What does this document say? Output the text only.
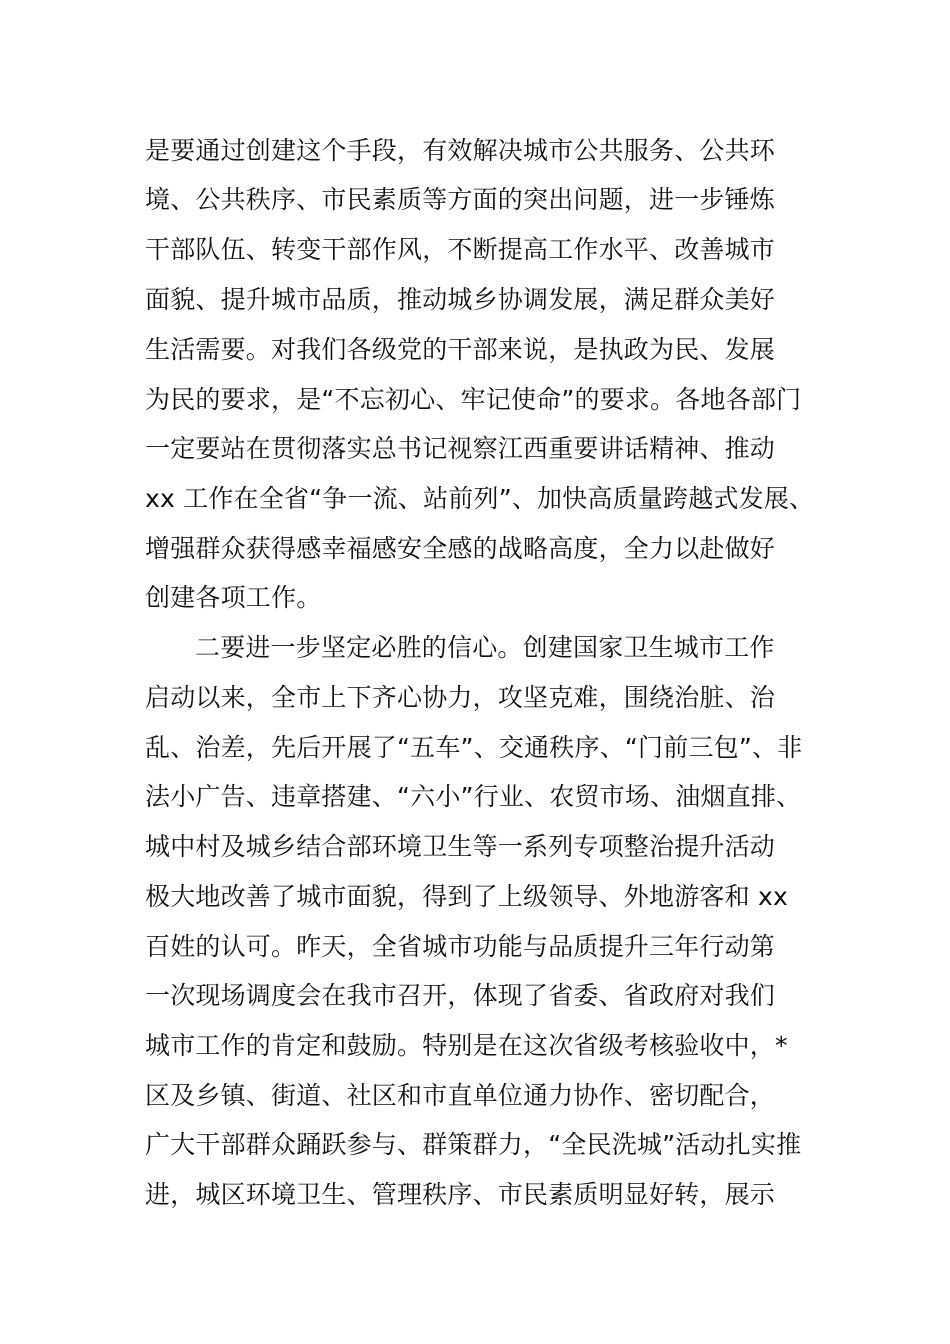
是要通过创建这个手段，有效解决城市公共服务、公共环
境、公共秩序、市民素质等方面的突出问题，进一步锤炼
干部队伍、转变干部作风，不断提高工作水平、改善城市
面貌、提升城市品质，推动城乡协调发展，满足群众美好
生活需要。对我们各级党的干部来说，是执政为民、发展
为民的要求，是“不忘初心、牢记使命”的要求。各地各部门
一定要站在贯彻落实总书记视察江西重要讲话精神、推动
xx 工作在全省“争一流、站前列”、加快高质量跨越式发展、
增强群众获得感幸福感安全感的战略高度，全力以赴做好
创建各项工作。
二要进一步坚定必胜的信心。创建国家卫生城市工作
启动以来，全市上下齐心协力，攻坚克难，围绕治脏、治
乱、治差，先后开展了“五车”、交通秩序、“门前三包”、非
法小广告、违章搭建、“六小”行业、农贸市场、油烟直排、
城中村及城乡结合部环境卫生等一系列专项整治提升活动
极大地改善了城市面貌，得到了上级领导、外地游客和 xx
百姓的认可。昨天，全省城市功能与品质提升三年行动第
一次现场调度会在我市召开，体现了省委、省政府对我们
城市工作的肯定和鼓励。特别是在这次省级考核验收中，*
区及乡镇、街道、社区和市直单位通力协作、密切配合，
广大干部群众踊跃参与、群策群力，“全民洗城”活动扎实推
进，城区环境卫生、管理秩序、市民素质明显好转，展示
